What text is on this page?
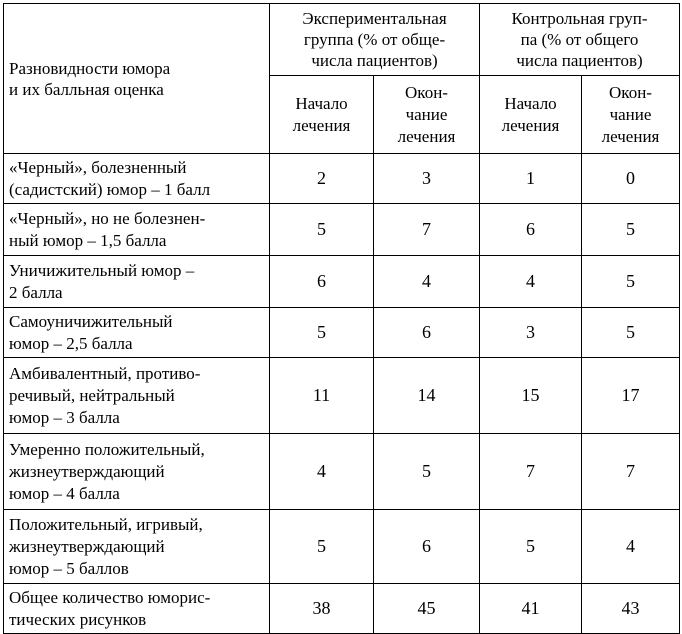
Разновидности юмора
и их балльная оценка	Экспериментальная
группа (% от обще-
числа пациентов)		Контрольная груп-
па (% от общего
числа пациентов)	

	Начало
лечения	Окон-
чание
лечения	Начало
лечения	Окон-
чание
лечения

«Черный», болезненный
(садистский) юмор – 1 балл	2	3	1	0

«Черный», но не болезнен-
ный юмор – 1,5 балла	5	7	6	5

Уничижительный юмор –
2 балла	6	4	4	5

Самоуничижительный
юмор – 2,5 балла	5	6	3	5

Амбивалентный, противо-
речивый, нейтральный
юмор – 3 балла	11	14	15	17

Умеренно положительный,
жизнеутверждающий
юмор – 4 балла	4	5	7	7

Положительный, игривый,
жизнеутверждающий
юмор – 5 баллов	5	6	5	4

Общее количество юморис-
тических рисунков	38	45	41	43
